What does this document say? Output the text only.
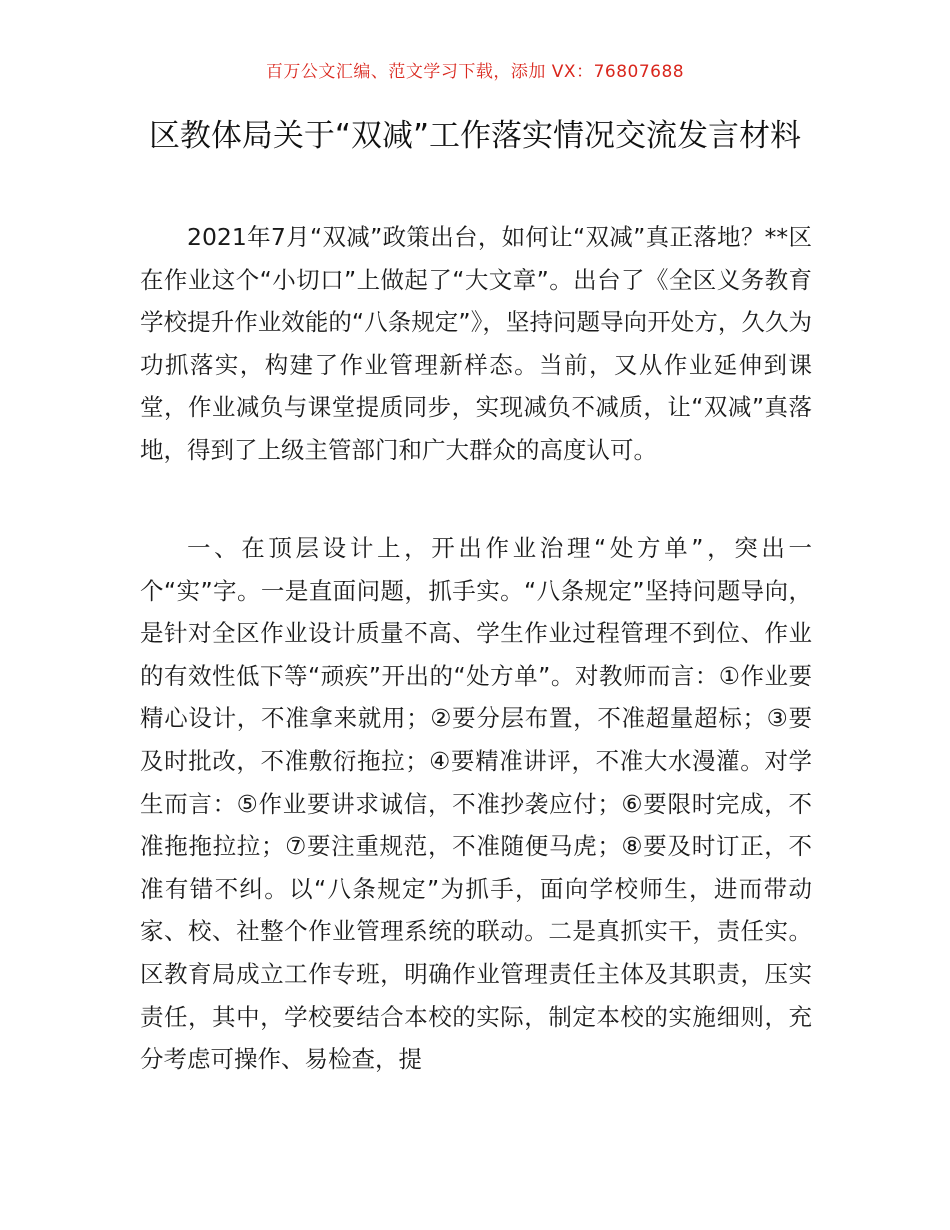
百万公文汇编、范文学习下载，添加 VX：76807688
区教体局关于“双减”工作落实情况交流发言材料

2021年7月“双减”政策出台，如何让“双减”真正落地？**区在作业这个“小切口”上做起了“大文章”。出台了《全区义务教育学校提升作业效能的“八条规定”》，坚持问题导向开处方，久久为功抓落实，构建了作业管理新样态。当前，又从作业延伸到课堂，作业减负与课堂提质同步，实现减负不减质，让“双减”真落地，得到了上级主管部门和广大群众的高度认可。

一、在顶层设计上，开出作业治理“处方单”，突出一个“实”字。一是直面问题，抓手实。“八条规定”坚持问题导向，是针对全区作业设计质量不高、学生作业过程管理不到位、作业的有效性低下等“顽疾”开出的“处方单”。对教师而言：①作业要精心设计，不准拿来就用；②要分层布置，不准超量超标；③要及时批改，不准敷衍拖拉；④要精准讲评，不准大水漫灌。对学生而言：⑤作业要讲求诚信，不准抄袭应付；⑥要限时完成，不准拖拖拉拉；⑦要注重规范，不准随便马虎；⑧要及时订正，不准有错不纠。以“八条规定”为抓手，面向学校师生，进而带动家、校、社整个作业管理系统的联动。二是真抓实干，责任实。区教育局成立工作专班，明确作业管理责任主体及其职责，压实责任，其中，学校要结合本校的实际，制定本校的实施细则，充分考虑可操作、易检查，提
